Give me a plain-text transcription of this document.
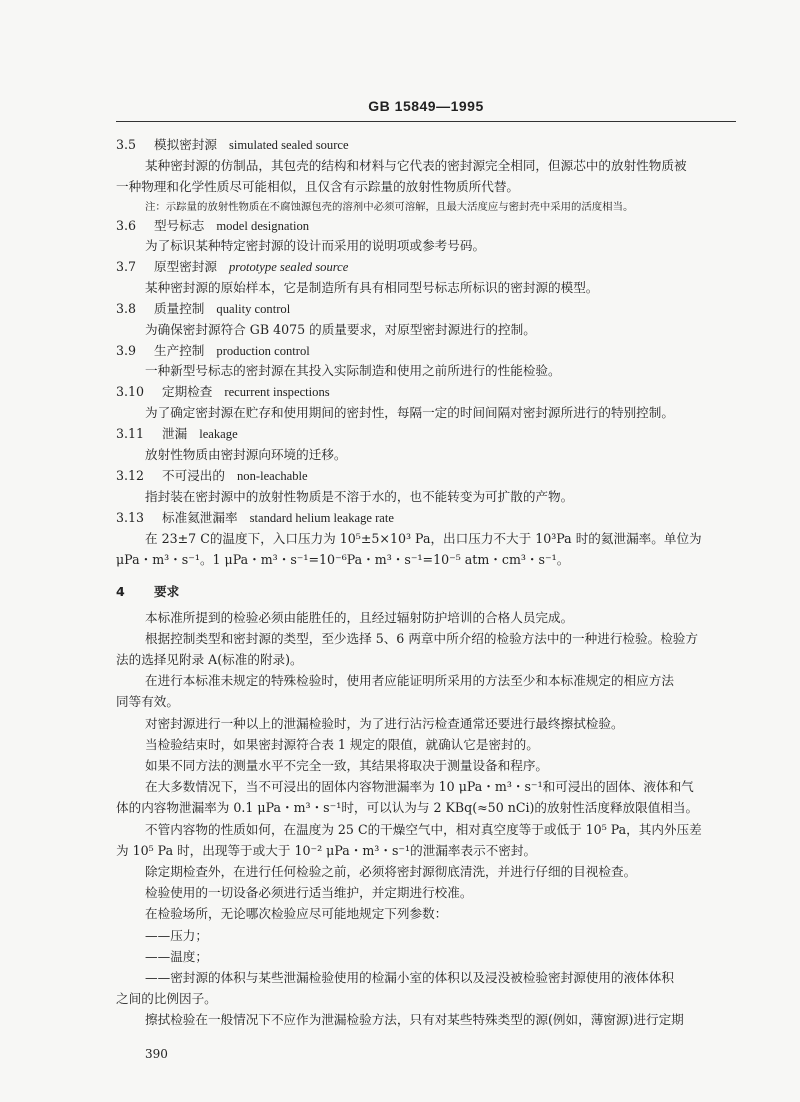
GB 15849—1995
3.5 模拟密封源 simulated sealed source
某种密封源的仿制品，其包壳的结构和材料与它代表的密封源完全相同，但源芯中的放射性物质被
一种物理和化学性质尽可能相似，且仅含有示踪量的放射性物质所代替。
注：示踪量的放射性物质在不腐蚀源包壳的溶剂中必须可溶解，且最大活度应与密封壳中采用的活度相当。
3.6 型号标志 model designation
为了标识某种特定密封源的设计而采用的说明项或参考号码。
3.7 原型密封源 prototype sealed source
某种密封源的原始样本，它是制造所有具有相同型号标志所标识的密封源的模型。
3.8 质量控制 quality control
为确保密封源符合 GB 4075 的质量要求，对原型密封源进行的控制。
3.9 生产控制 production control
一种新型号标志的密封源在其投入实际制造和使用之前所进行的性能检验。
3.10 定期检查 recurrent inspections
为了确定密封源在贮存和使用期间的密封性，每隔一定的时间间隔对密封源所进行的特别控制。
3.11 泄漏 leakage
放射性物质由密封源向环境的迁移。
3.12 不可浸出的 non-leachable
指封装在密封源中的放射性物质是不溶于水的，也不能转变为可扩散的产物。
3.13 标准氦泄漏率 standard helium leakage rate
在 23±7 C的温度下，入口压力为 10⁵±5×10³ Pa，出口压力不大于 10³Pa 时的氦泄漏率。单位为
μPa・m³・s⁻¹。1 μPa・m³・s⁻¹=10⁻⁶Pa・m³・s⁻¹=10⁻⁵ atm・cm³・s⁻¹。
4 要求
本标准所提到的检验必须由能胜任的，且经过辐射防护培训的合格人员完成。
根据控制类型和密封源的类型，至少选择 5、6 两章中所介绍的检验方法中的一种进行检验。检验方
法的选择见附录 A(标准的附录)。
在进行本标准未规定的特殊检验时，使用者应能证明所采用的方法至少和本标准规定的相应方法
同等有效。
对密封源进行一种以上的泄漏检验时，为了进行沾污检查通常还要进行最终擦拭检验。
当检验结束时，如果密封源符合表 1 规定的限值，就确认它是密封的。
如果不同方法的测量水平不完全一致，其结果将取决于测量设备和程序。
在大多数情况下，当不可浸出的固体内容物泄漏率为 10 μPa・m³・s⁻¹和可浸出的固体、液体和气
体的内容物泄漏率为 0.1 μPa・m³・s⁻¹时，可以认为与 2 KBq(≈50 nCi)的放射性活度释放限值相当。
不管内容物的性质如何，在温度为 25 C的干燥空气中，相对真空度等于或低于 10⁵ Pa，其内外压差
为 10⁵ Pa 时，出现等于或大于 10⁻² μPa・m³・s⁻¹的泄漏率表示不密封。
除定期检查外，在进行任何检验之前，必须将密封源彻底清洗，并进行仔细的目视检查。
检验使用的一切设备必须进行适当维护，并定期进行校准。
在检验场所，无论哪次检验应尽可能地规定下列参数：
——压力；
——温度；
——密封源的体积与某些泄漏检验使用的检漏小室的体积以及浸没被检验密封源使用的液体体积
之间的比例因子。
擦拭检验在一般情况下不应作为泄漏检验方法，只有对某些特殊类型的源(例如，薄窗源)进行定期
390
